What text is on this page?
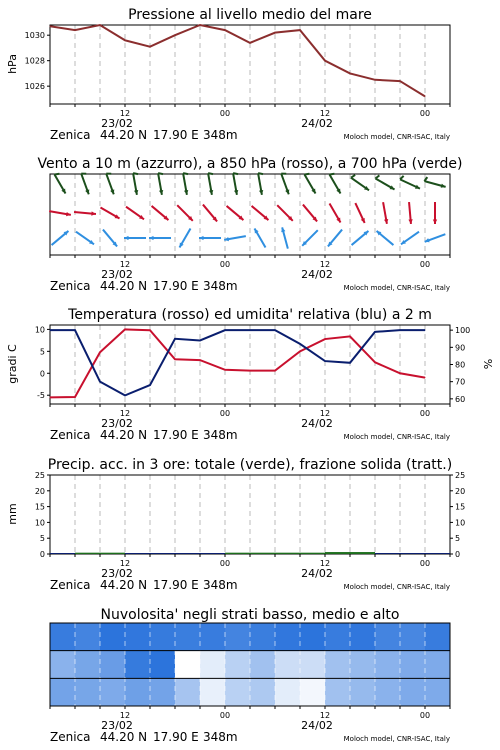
Pressione al livello medio del mare
hPa
1026
1028
1030
12	00	12	00
23/02	24/02
Zenica 44.20 N 17.90 E 348m	Moloch model, CNR-ISAC, Italy
Vento a 10 m (azzurro), a 850 hPa (rosso), a 700 hPa (verde)
12	00	12	00
23/02	24/02
Zenica 44.20 N 17.90 E 348m	Moloch model, CNR-ISAC, Italy
Temperatura (rosso) ed umidita' relativa (blu) a 2 m
gradi C	%
-5
0
5
10
60
70
80
90
100
12	00	12	00
23/02	24/02
Zenica 44.20 N 17.90 E 348m	Moloch model, CNR-ISAC, Italy
Precip. acc. in 3 ore: totale (verde), frazione solida (tratt.)
mm
0
5
10
15
20
25
0
5
10
15
20
25
12	00	12	00
23/02	24/02
Zenica 44.20 N 17.90 E 348m	Moloch model, CNR-ISAC, Italy
Nuvolosita' negli strati basso, medio e alto
12	00	12	00
23/02	24/02
Zenica 44.20 N 17.90 E 348m	Moloch model, CNR-ISAC, Italy
